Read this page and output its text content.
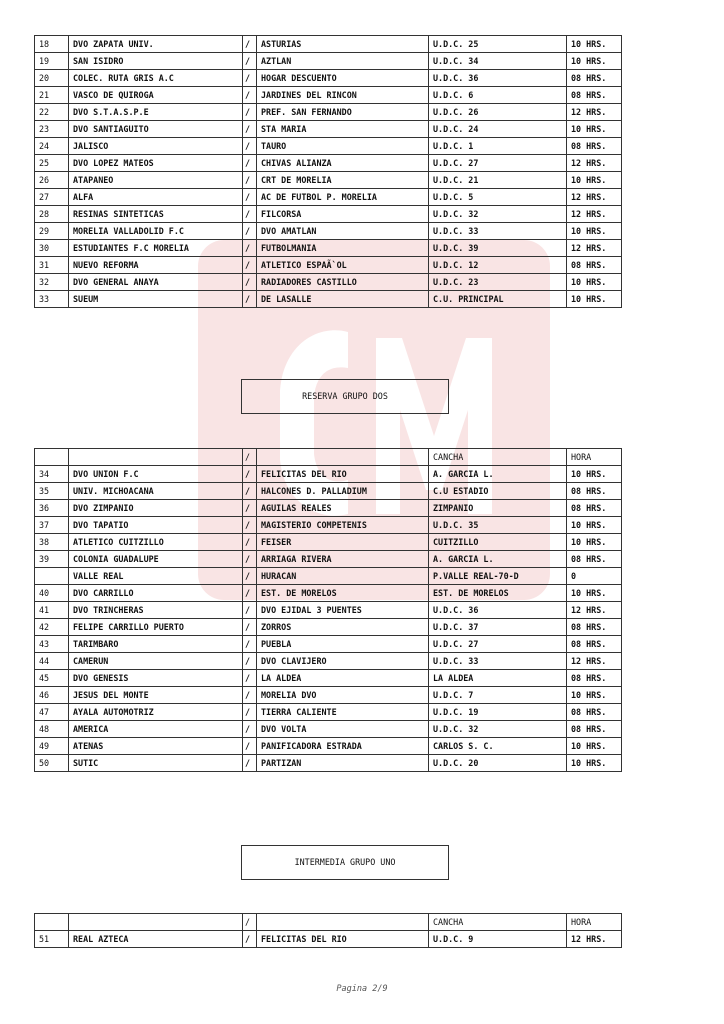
18	DVO ZAPATA UNIV.	/	ASTURIAS	U.D.C. 25	10 HRS.
19	SAN ISIDRO	/	AZTLAN	U.D.C. 34	10 HRS.
20	COLEC. RUTA GRIS A.C	/	HOGAR DESCUENTO	U.D.C. 36	08 HRS.
21	VASCO DE QUIROGA	/	JARDINES DEL RINCON	U.D.C. 6	08 HRS.
22	DVO S.T.A.S.P.E	/	PREF. SAN FERNANDO	U.D.C. 26	12 HRS.
23	DVO SANTIAGUITO	/	STA MARIA	U.D.C. 24	10 HRS.
24	JALISCO	/	TAURO	U.D.C. 1	08 HRS.
25	DVO LOPEZ MATEOS	/	CHIVAS ALIANZA	U.D.C. 27	12 HRS.
26	ATAPANEO	/	CRT DE MORELIA	U.D.C. 21	10 HRS.
27	ALFA	/	AC DE FUTBOL P. MORELIA	U.D.C. 5	12 HRS.
28	RESINAS SINTETICAS	/	FILCORSA	U.D.C. 32	12 HRS.
29	MORELIA VALLADOLID F.C	/	DVO AMATLAN	U.D.C. 33	10 HRS.
30	ESTUDIANTES F.C MORELIA	/	FUTBOLMANIA	U.D.C. 39	12 HRS.
31	NUEVO REFORMA	/	ATLETICO ESPAÃ`OL	U.D.C. 12	08 HRS.
32	DVO GENERAL ANAYA	/	RADIADORES CASTILLO	U.D.C. 23	10 HRS.
33	SUEUM	/	DE LASALLE	C.U. PRINCIPAL	10 HRS.
RESERVA GRUPO DOS
		/		CANCHA	HORA
34	DVO UNION F.C	/	FELICITAS DEL RIO	A. GARCIA L.	10 HRS.
35	UNIV. MICHOACANA	/	HALCONES D. PALLADIUM	C.U ESTADIO	08 HRS.
36	DVO ZIMPANIO	/	AGUILAS REALES	ZIMPANIO	08 HRS.
37	DVO TAPATIO	/	MAGISTERIO COMPETENIS	U.D.C. 35	10 HRS.
38	ATLETICO CUITZILLO	/	FEISER	CUITZILLO	10 HRS.
39	COLONIA GUADALUPE	/	ARRIAGA RIVERA	A. GARCIA L.	08 HRS.
	VALLE REAL	/	HURACAN	P.VALLE REAL-70-D	0
40	DVO CARRILLO	/	EST. DE MORELOS	EST. DE MORELOS	10 HRS.
41	DVO TRINCHERAS	/	DVO EJIDAL 3 PUENTES	U.D.C. 36	12 HRS.
42	FELIPE CARRILLO PUERTO	/	ZORROS	U.D.C. 37	08 HRS.
43	TARIMBARO	/	PUEBLA	U.D.C. 27	08 HRS.
44	CAMERUN	/	DVO CLAVIJERO	U.D.C. 33	12 HRS.
45	DVO GENESIS	/	LA ALDEA	LA ALDEA	08 HRS.
46	JESUS DEL MONTE	/	MORELIA DVO	U.D.C. 7	10 HRS.
47	AYALA AUTOMOTRIZ	/	TIERRA CALIENTE	U.D.C. 19	08 HRS.
48	AMERICA	/	DVO VOLTA	U.D.C. 32	08 HRS.
49	ATENAS	/	PANIFICADORA ESTRADA	CARLOS S. C.	10 HRS.
50	SUTIC	/	PARTIZAN	U.D.C. 20	10 HRS.
INTERMEDIA GRUPO UNO
		/		CANCHA	HORA
51	REAL AZTECA	/	FELICITAS DEL RIO	U.D.C. 9	12 HRS.
Pagina 2/9
